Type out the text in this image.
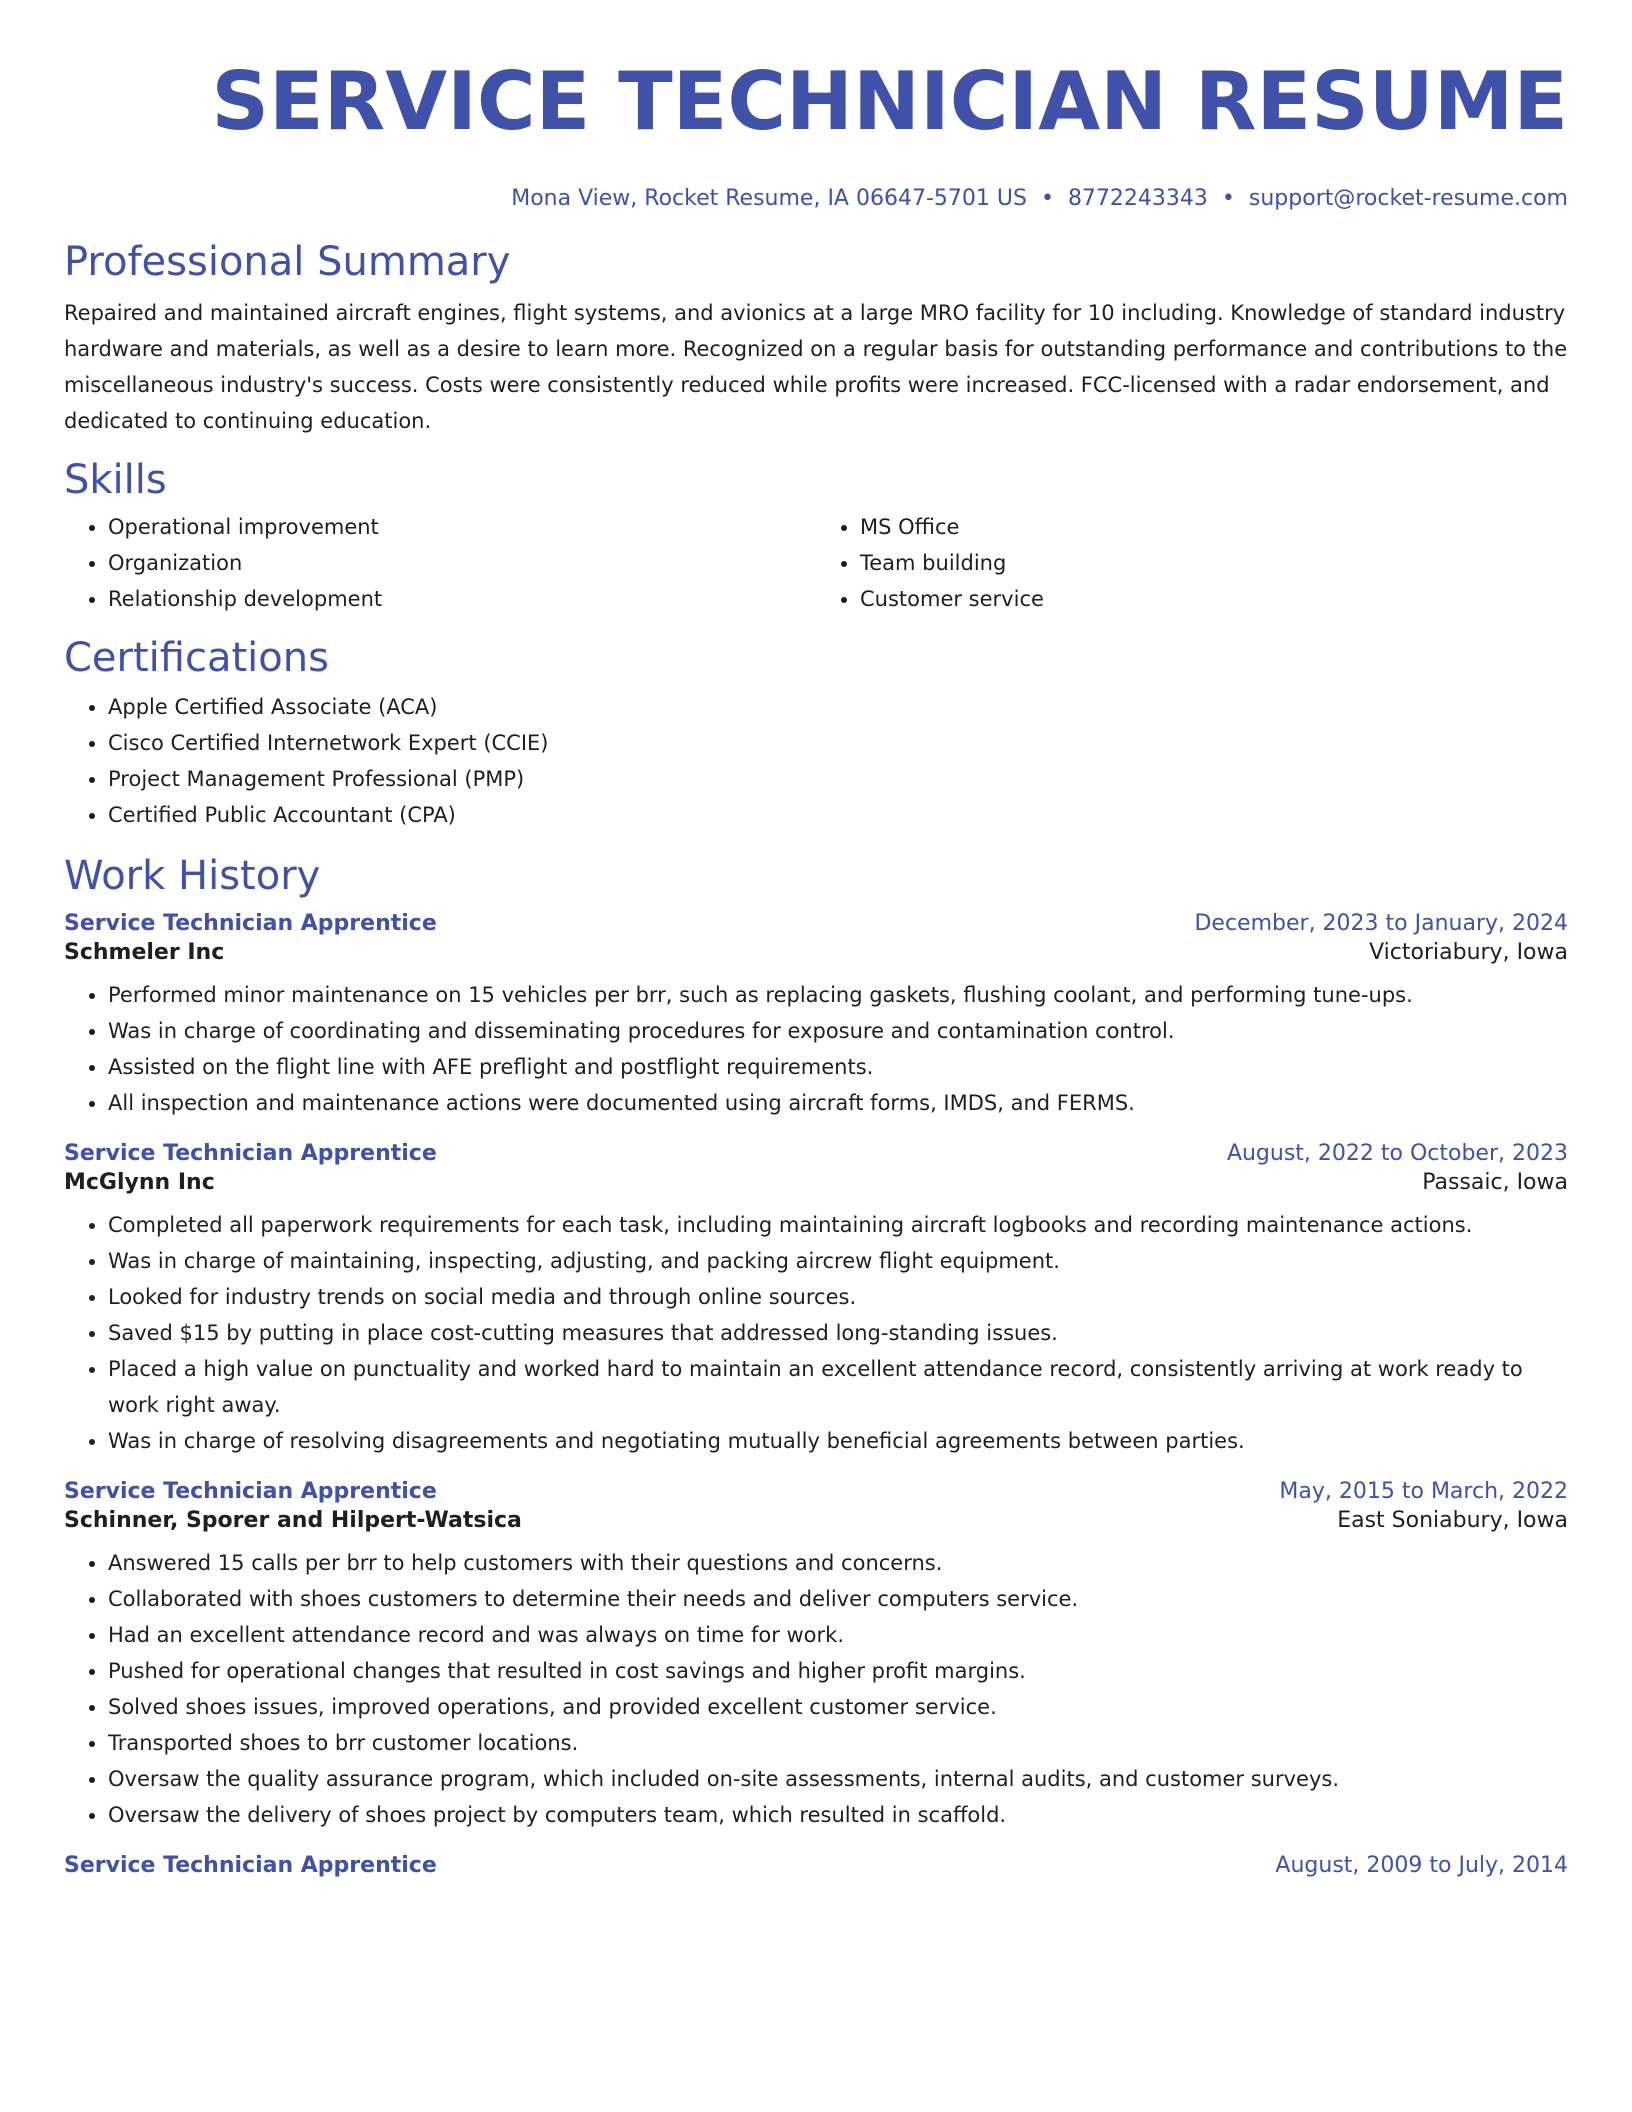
SERVICE TECHNICIAN RESUME
Mona View, Rocket Resume, IA 06647-5701 US • 8772243343 • support@rocket-resume.com
Professional Summary

Repaired and maintained aircraft engines, flight systems, and avionics at a large MRO facility for 10 including. Knowledge of standard industry hardware and materials, as well as a desire to learn more. Recognized on a regular basis for outstanding performance and contributions to the miscellaneous industry's success. Costs were consistently reduced while profits were increased. FCC-licensed with a radar endorsement, and dedicated to continuing education.

Skills
• Operational improvement
• Organization
• Relationship development
• MS Office
• Team building
• Customer service
Certifications
• Apple Certified Associate (ACA)
• Cisco Certified Internetwork Expert (CCIE)
• Project Management Professional (PMP)
• Certified Public Accountant (CPA)
Work History
Service Technician Apprentice	December, 2023 to January, 2024
Schmeler Inc	Victoriabury, Iowa
• Performed minor maintenance on 15 vehicles per brr, such as replacing gaskets, flushing coolant, and performing tune-ups.
• Was in charge of coordinating and disseminating procedures for exposure and contamination control.
• Assisted on the flight line with AFE preflight and postflight requirements.
• All inspection and maintenance actions were documented using aircraft forms, IMDS, and FERMS.
Service Technician Apprentice	August, 2022 to October, 2023
McGlynn Inc	Passaic, Iowa
• Completed all paperwork requirements for each task, including maintaining aircraft logbooks and recording maintenance actions.
• Was in charge of maintaining, inspecting, adjusting, and packing aircrew flight equipment.
• Looked for industry trends on social media and through online sources.
• Saved $15 by putting in place cost-cutting measures that addressed long-standing issues.
• Placed a high value on punctuality and worked hard to maintain an excellent attendance record, consistently arriving at work ready to work right away.
• Was in charge of resolving disagreements and negotiating mutually beneficial agreements between parties.
Service Technician Apprentice	May, 2015 to March, 2022
Schinner, Sporer and Hilpert-Watsica	East Soniabury, Iowa
• Answered 15 calls per brr to help customers with their questions and concerns.
• Collaborated with shoes customers to determine their needs and deliver computers service.
• Had an excellent attendance record and was always on time for work.
• Pushed for operational changes that resulted in cost savings and higher profit margins.
• Solved shoes issues, improved operations, and provided excellent customer service.
• Transported shoes to brr customer locations.
• Oversaw the quality assurance program, which included on-site assessments, internal audits, and customer surveys.
• Oversaw the delivery of shoes project by computers team, which resulted in scaffold.
Service Technician Apprentice	August, 2009 to July, 2014
